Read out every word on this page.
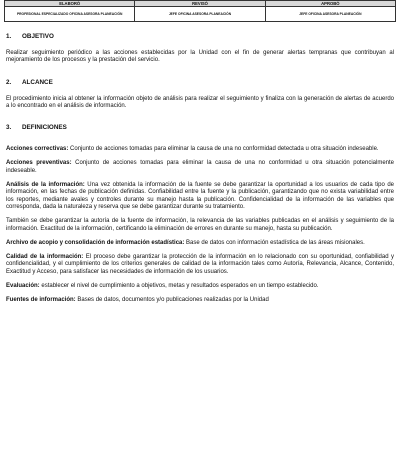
ELABORÓ	REVISÓ	APROBÓ
PROFESIONAL ESPECIALIZADO OFICINA ASESORA PLANEACIÓN	JEFE OFICINA ASESORA PLANEACIÓN	JEFE OFICINA ASESORA PLANEACIÓN
1. OBJETIVO

Realizar seguimiento periódico a las acciones establecidas por la Unidad con el fin de generar alertas tempranas que contribuyan al mejoramiento de los procesos y la prestación del servicio.

2. ALCANCE

El procedimiento inicia al obtener la información objeto de análisis para realizar el seguimiento y finaliza con la generación de alertas de acuerdo a lo encontrado en el análisis de información.

3. DEFINICIONES

Acciones correctivas: Conjunto de acciones tomadas para eliminar la causa de una no conformidad detectada u otra situación indeseable.

Acciones preventivas: Conjunto de acciones tomadas para eliminar la causa de una no conformidad u otra situación potencialmente indeseable.

Análisis de la información: Una vez obtenida la información de la fuente se debe garantizar la oportunidad a los usuarios de cada tipo de información, en las fechas de publicación definidas. Confiabilidad entre la fuente y la publicación, garantizando que no exista variabilidad entre los reportes, mediante avales y controles durante su manejo hasta la publicación. Confidencialidad de la información de las variables que corresponda, dada la naturaleza y reserva que se debe garantizar durante su tratamiento.

También se debe garantizar la autoría de la fuente de información, la relevancia de las variables publicadas en el análisis y seguimiento de la información. Exactitud de la información, certificando la eliminación de errores en durante su manejo, hasta su publicación.

Archivo de acopio y consolidación de información estadística: Base de datos con información estadística de las áreas misionales.

Calidad de la información: El proceso debe garantizar la protección de la información en lo relacionado con su oportunidad, confiabilidad y confidencialidad, y el cumplimiento de los criterios generales de calidad de la información tales como Autoría, Relevancia, Alcance, Contenido, Exactitud y Acceso, para satisfacer las necesidades de información de los usuarios.

Evaluación: establecer el nivel de cumplimiento a objetivos, metas y resultados esperados en un tiempo establecido.

Fuentes de información: Bases de datos, documentos y/o publicaciones realizadas por la Unidad
